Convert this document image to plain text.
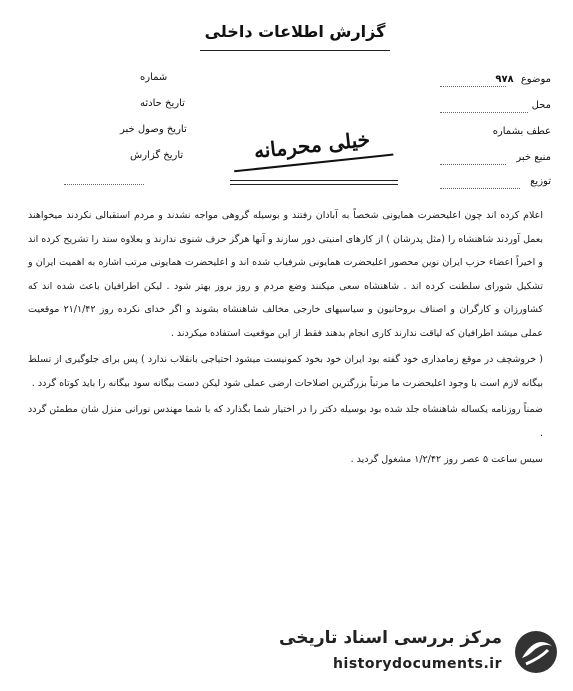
گزارش اطلاعات داخلی
شماره
تاریخ حادثه
تاریخ وصول خبر
تاریخ گزارش
موضوع ۹۷۸
محل
عطف بشماره
منبع خبر
توزیع
خیلی محرمانه

اعلام کرده اند چون اعلیحضرت همایونی شخصاً به آبادان رفتند و بوسیله گروهی مواجه نشدند و مردم استقبالی نکردند میخواهند بعمل آوردند شاهنشاه را (مثل پدرشان ) از کارهای امنیتی دور سازند و آنها هرگز حرف شنوی ندارند و بعلاوه سند را تشریح کرده اند و اخیراً اعضاء حزب ایران نوین محصور اعلیحضرت همایونی شرفیاب شده اند و اعلیحضرت همایونی مرتب اشاره به اهمیت ایران و تشکیل شورای سلطنت کرده اند . شاهنشاه سعی میکنند وضع مردم و روز بروز بهتر شود . لیکن اطرافیان باعث شده اند که کشاورزان و کارگران و اصناف بروحانیون و سیاسیهای خارجی مخالف شاهنشاه بشوند و اگر خدای نکرده روز ۲۱/۱/۴۲ موقعیت عملی میشد اطرافیان که لیاقت ندارند کاری انجام بدهند فقط از این موقعیت استفاده میکردند .

( خروشچف در موقع زمامداری خود گفته بود ایران خود بخود کمونیست میشود احتیاجی بانقلاب ندارد ) پس برای جلوگیری از تسلط بیگانه لازم است با وجود اعلیحضرت ما مرتباً بزرگترین اصلاحات ارضی عملی شود لیکن دست بیگانه سود بیگانه را باید کوتاه گردد .

ضمناً روزنامه یکساله شاهنشاه جلد شده بود بوسیله دکتر را در اختیار شما بگذارد که با شما مهندس نورانی منزل شان مطمئن گردد .

سیس ساعت ۵ عصر روز ۱/۲/۴۲ مشغول گردید .

مرکز بررسی اسناد تاریخی
historydocuments.ir
